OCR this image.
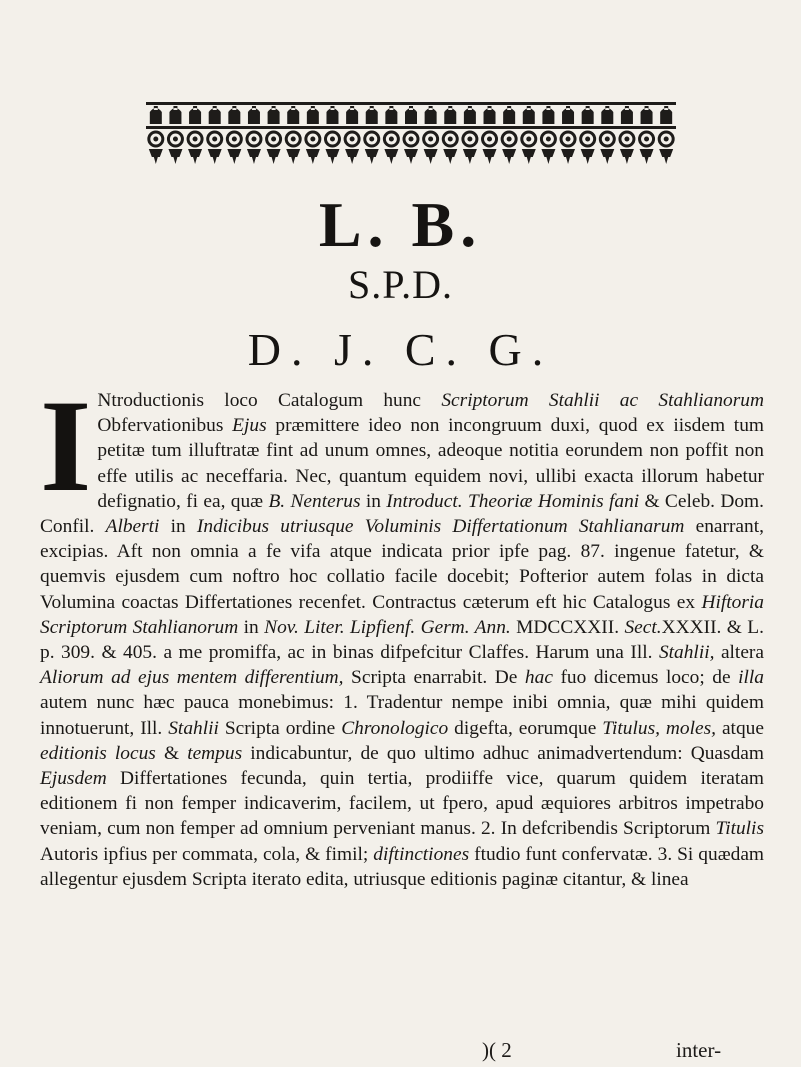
L. B.
S.P.D.
D. J. C. G.
I Ntroductionis loco Catalogum hunc Scriptorum Stahlii ac Stahlianorum Obfervationibus Ejus præmittere ideo non incongruum duxi, quod ex iisdem tum petitæ tum illuftratæ fint ad unum omnes, adeoque notitia eorundem non poffit non effe utilis ac neceffaria. Nec, quantum equidem novi, ullibi exacta illorum habetur defignatio, fi ea, quæ B. Nenterus in Introduct. Theoriæ Hominis fani & Celeb. Dom. Confil. Alberti in Indicibus utriusque Voluminis Differtationum Stahlianarum enarrant, excipias. Aft non omnia a fe vifa atque indicata prior ipfe pag. 87. ingenue fatetur, & quemvis ejusdem cum noftro hoc collatio facile docebit; Pofterior autem folas in dicta Volumina coactas Differtationes recenfet. Contractus cæterum eft hic Catalogus ex Hiftoria Scriptorum Stahlianorum in Nov. Liter. Lipfienf. Germ. Ann. MDCCXXII. Sect.XXXII. & L. p. 309. & 405. a me promiffa, ac in binas difpefcitur Claffes. Harum una Ill. Stahlii, altera Aliorum ad ejus mentem differentium, Scripta enarrabit. De hac fuo dicemus loco; de illa autem nunc hæc pauca monebimus: 1. Tradentur nempe inibi omnia, quæ mihi quidem innotuerunt, Ill. Stahlii Scripta ordine Chronologico digefta, eorumque Titulus, moles, atque editionis locus & tempus indicabuntur, de quo ultimo adhuc animadvertendum: Quasdam Ejusdem Differtationes fecunda, quin tertia, prodiiffe vice, quarum quidem iteratam editionem fi non femper indicaverim, facilem, ut fpero, apud æquiores arbitros impetrabo veniam, cum non femper ad omnium perveniant manus. 2. In defcribendis Scriptorum Titulis Autoris ipfius per commata, cola, & fimil; diftinctiones ftudio funt confervatæ. 3. Si quædam allegentur ejusdem Scripta iterato edita, utriusque editionis paginæ citantur, & linea
)( 2	inter-
